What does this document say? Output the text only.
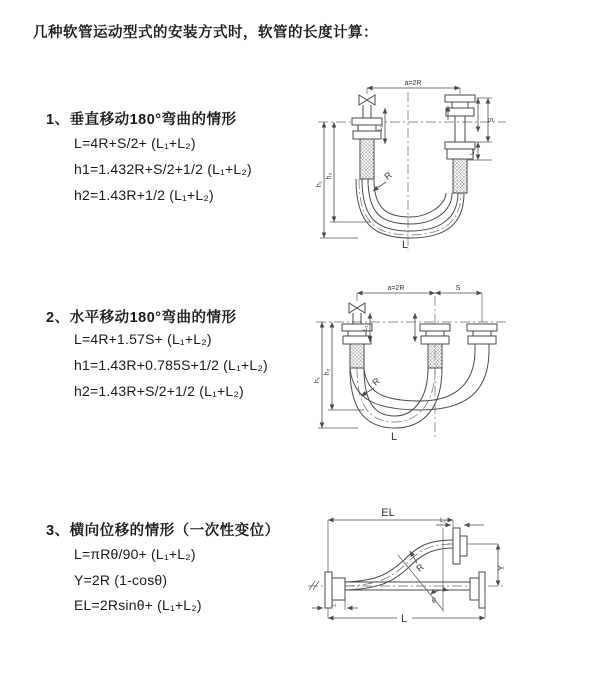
几种软管运动型式的安装方式时，软管的长度计算：
1、垂直移动180°弯曲的情形
L=4R+S/2+ (L₁+L₂)
h1=1.432R+S/2+1/2 (L₁+L₂)
h2=1.43R+1/2 (L₁+L₂)
2、水平移动180°弯曲的情形
L=4R+1.57S+ (L₁+L₂)
h1=1.43R+0.785S+1/2 (L₁+L₂)
h2=1.43R+S/2+1/2 (L₁+L₂)
3、横向位移的情形（一次性变位）
L=πRθ/90+ (L₁+L₂)
Y=2R (1-cosθ)
EL=2Rsinθ+ (L₁+L₂)
a=2R
h₁
h₂
L₁
S
L₂
R
L
a=2R	S
h₁
h₂
L₁
R
L
EL
L₂
Y
R
θ
L₁
L
